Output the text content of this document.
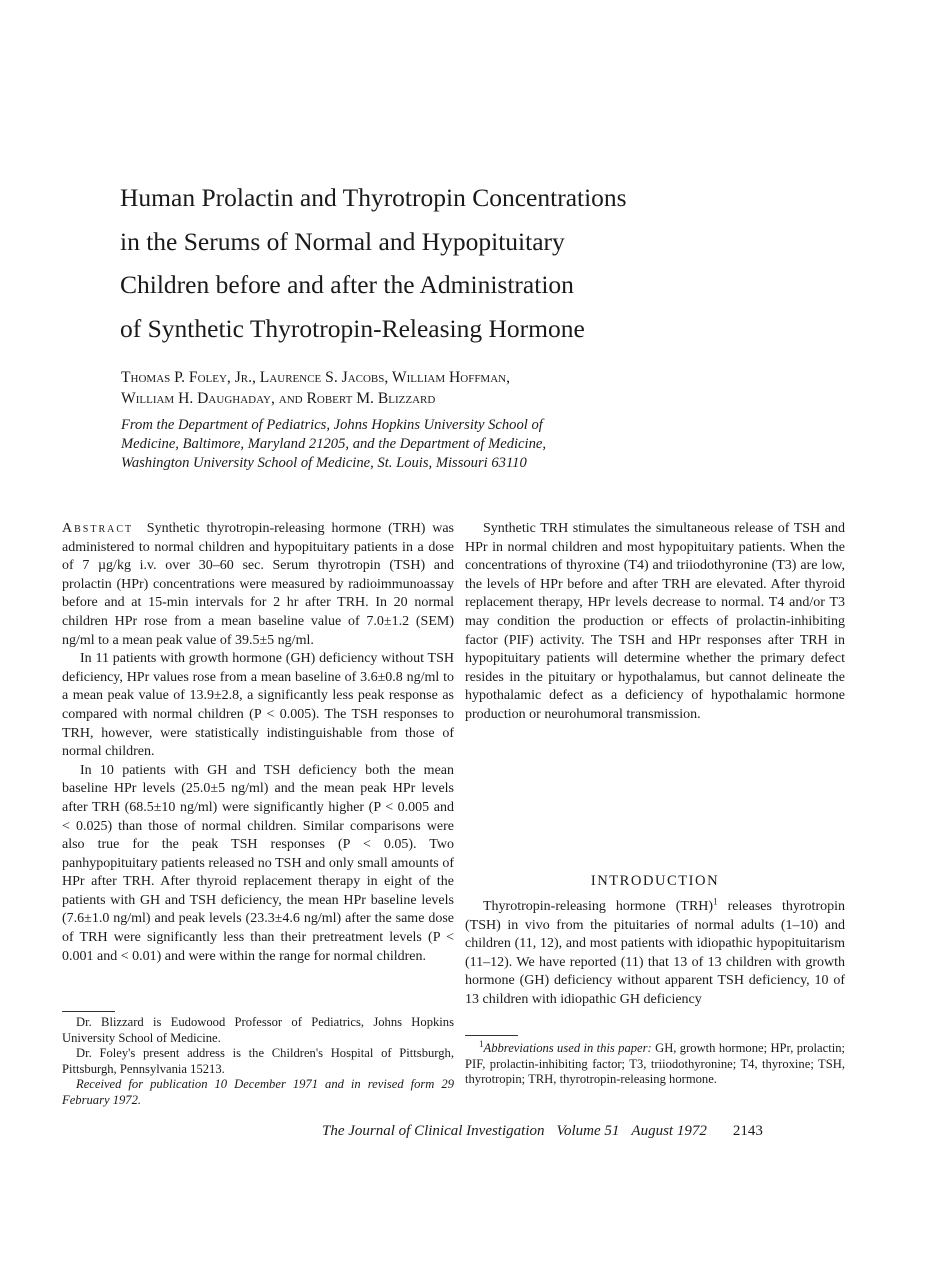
Human Prolactin and Thyrotropin Concentrations
in the Serums of Normal and Hypopituitary
Children before and after the Administration
of Synthetic Thyrotropin-Releasing Hormone
Thomas P. Foley, Jr., Laurence S. Jacobs, William Hoffman,
William H. Daughaday, and Robert M. Blizzard
From the Department of Pediatrics, Johns Hopkins University School of
Medicine, Baltimore, Maryland 21205, and the Department of Medicine,
Washington University School of Medicine, St. Louis, Missouri 63110

Abstract Synthetic thyrotropin-releasing hormone (TRH) was administered to normal children and hypopituitary patients in a dose of 7 µg/kg i.v. over 30–60 sec. Serum thyrotropin (TSH) and prolactin (HPr) concentrations were measured by radioimmunoassay before and at 15-min intervals for 2 hr after TRH. In 20 normal children HPr rose from a mean baseline value of 7.0±1.2 (SEM) ng/ml to a mean peak value of 39.5±5 ng/ml.

In 11 patients with growth hormone (GH) deficiency without TSH deficiency, HPr values rose from a mean baseline of 3.6±0.8 ng/ml to a mean peak value of 13.9±2.8, a significantly less peak response as compared with normal children (P < 0.005). The TSH responses to TRH, however, were statistically indistinguishable from those of normal children.

In 10 patients with GH and TSH deficiency both the mean baseline HPr levels (25.0±5 ng/ml) and the mean peak HPr levels after TRH (68.5±10 ng/ml) were significantly higher (P < 0.005 and < 0.025) than those of normal children. Similar comparisons were also true for the peak TSH responses (P < 0.05). Two panhypopituitary patients released no TSH and only small amounts of HPr after TRH. After thyroid replacement therapy in eight of the patients with GH and TSH deficiency, the mean HPr baseline levels (7.6±1.0 ng/ml) and peak levels (23.3±4.6 ng/ml) after the same dose of TRH were significantly less than their pretreatment levels (P < 0.001 and < 0.01) and were within the range for normal children.

Synthetic TRH stimulates the simultaneous release of TSH and HPr in normal children and most hypopituitary patients. When the concentrations of thyroxine (T4) and triiodothyronine (T3) are low, the levels of HPr before and after TRH are elevated. After thyroid replacement therapy, HPr levels decrease to normal. T4 and/or T3 may condition the production or effects of prolactin-inhibiting factor (PIF) activity. The TSH and HPr responses after TRH in hypopituitary patients will determine whether the primary defect resides in the pituitary or hypothalamus, but cannot delineate the hypothalamic defect as a deficiency of hypothalamic hormone production or neurohumoral transmission.

INTRODUCTION

Thyrotropin-releasing hormone (TRH)$^1$ releases thyrotropin (TSH) in vivo from the pituitaries of normal adults (1–10) and children (11, 12), and most patients with idiopathic hypopituitarism (11–12). We have reported (11) that 13 of 13 children with growth hormone (GH) deficiency without apparent TSH deficiency, 10 of 13 children with idiopathic GH deficiency

Dr. Blizzard is Eudowood Professor of Pediatrics, Johns Hopkins University School of Medicine.

Dr. Foley's present address is the Children's Hospital of Pittsburgh, Pittsburgh, Pennsylvania 15213.

Received for publication 10 December 1971 and in revised form 29 February 1972.

$^1$Abbreviations used in this paper: GH, growth hormone; HPr, prolactin; PIF, prolactin-inhibiting factor; T3, triiodothyronine; T4, thyroxine; TSH, thyrotropin; TRH, thyrotropin-releasing hormone.

The Journal of Clinical Investigation Volume 51 August 1972 2143
